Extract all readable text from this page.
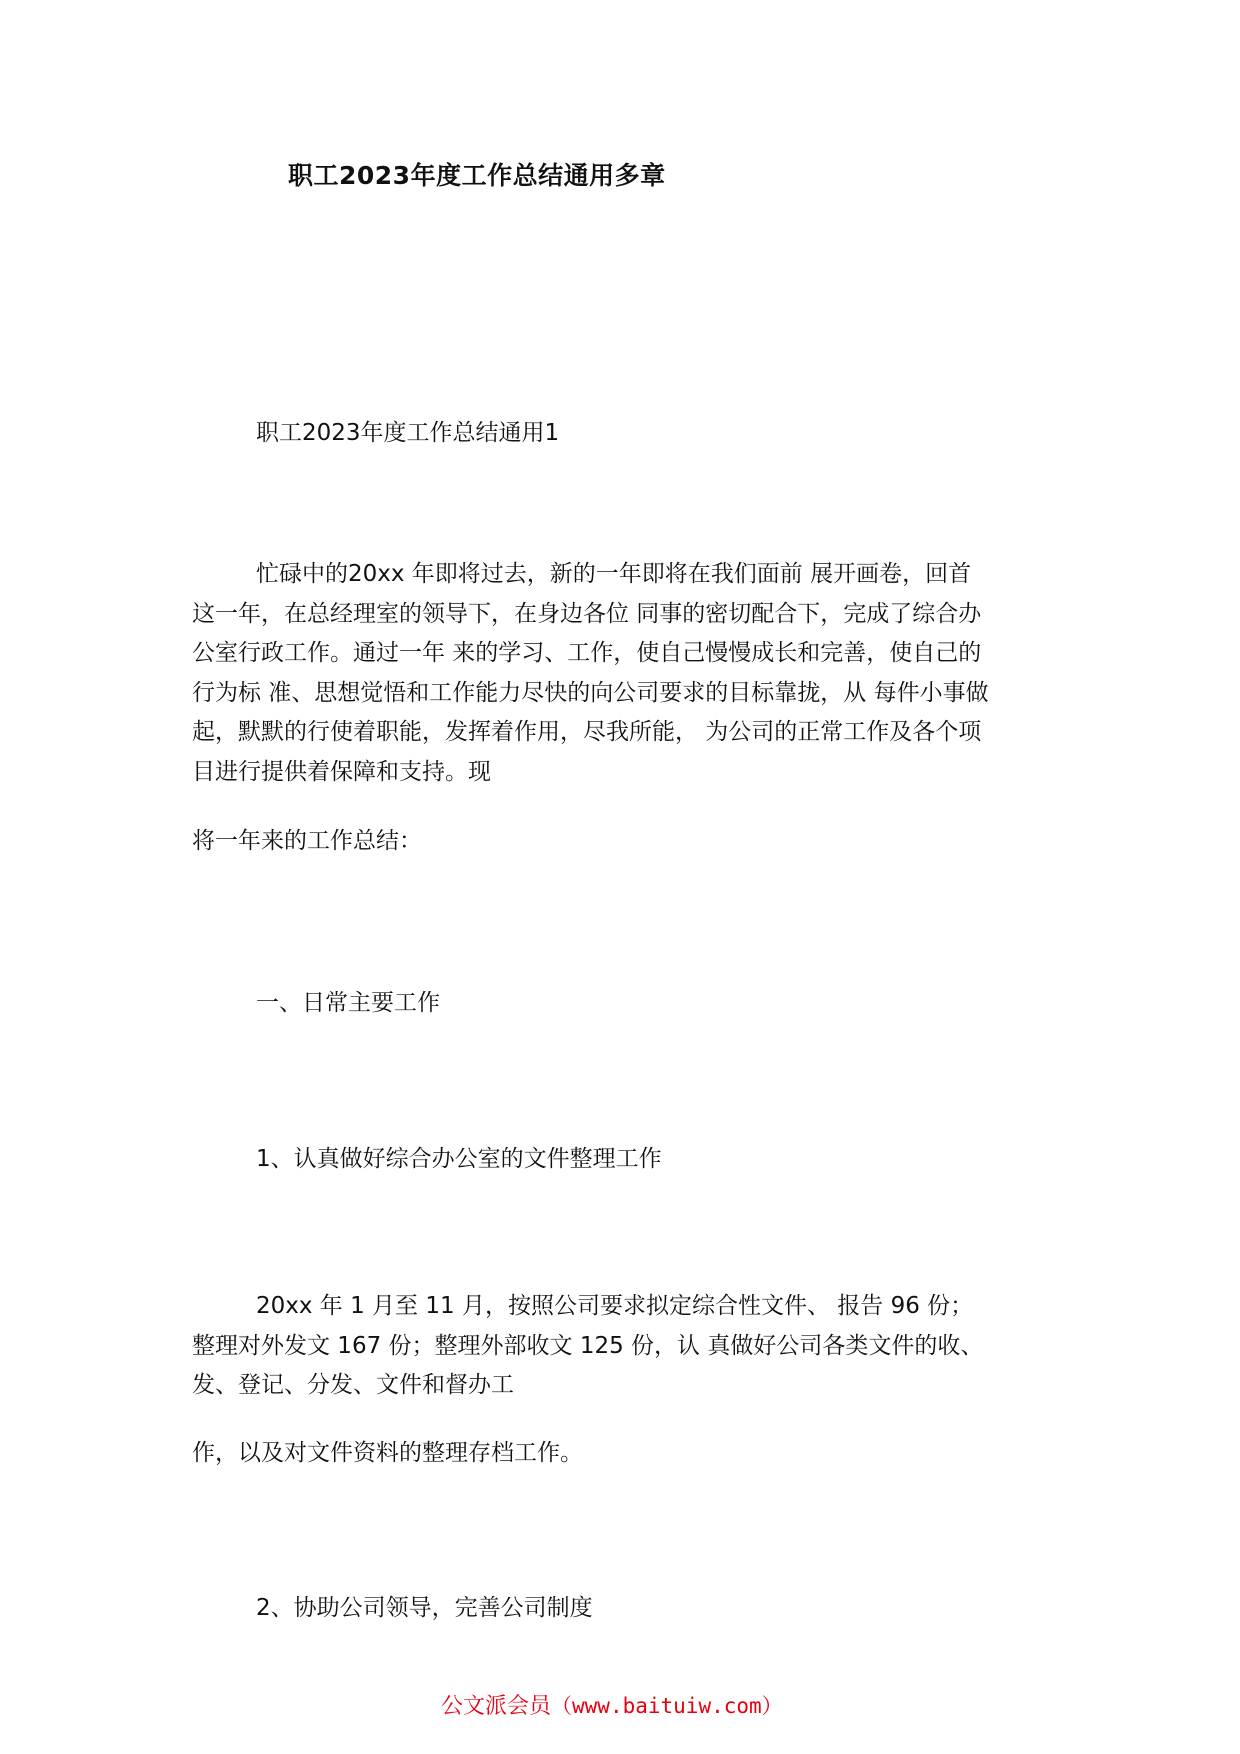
职工2023年度工作总结通用多章
职工2023年度工作总结通用1
忙碌中的20xx 年即将过去，新的一年即将在我们面前 展开画卷，回首
这一年，在总经理室的领导下，在身边各位 同事的密切配合下，完成了综合办
公室行政工作。通过一年 来的学习、工作，使自己慢慢成长和完善，使自己的
行为标 准、思想觉悟和工作能力尽快的向公司要求的目标靠拢，从 每件小事做
起，默默的行使着职能，发挥着作用，尽我所能， 为公司的正常工作及各个项
目进行提供着保障和支持。现
将一年来的工作总结：
一、日常主要工作
1、认真做好综合办公室的文件整理工作
20xx 年 1 月至 11 月，按照公司要求拟定综合性文件、 报告 96 份；
整理对外发文 167 份；整理外部收文 125 份，认 真做好公司各类文件的收、
发、登记、分发、文件和督办工
作，以及对文件资料的整理存档工作。
2、协助公司领导，完善公司制度
公文派会员（www.baituiw.com）
